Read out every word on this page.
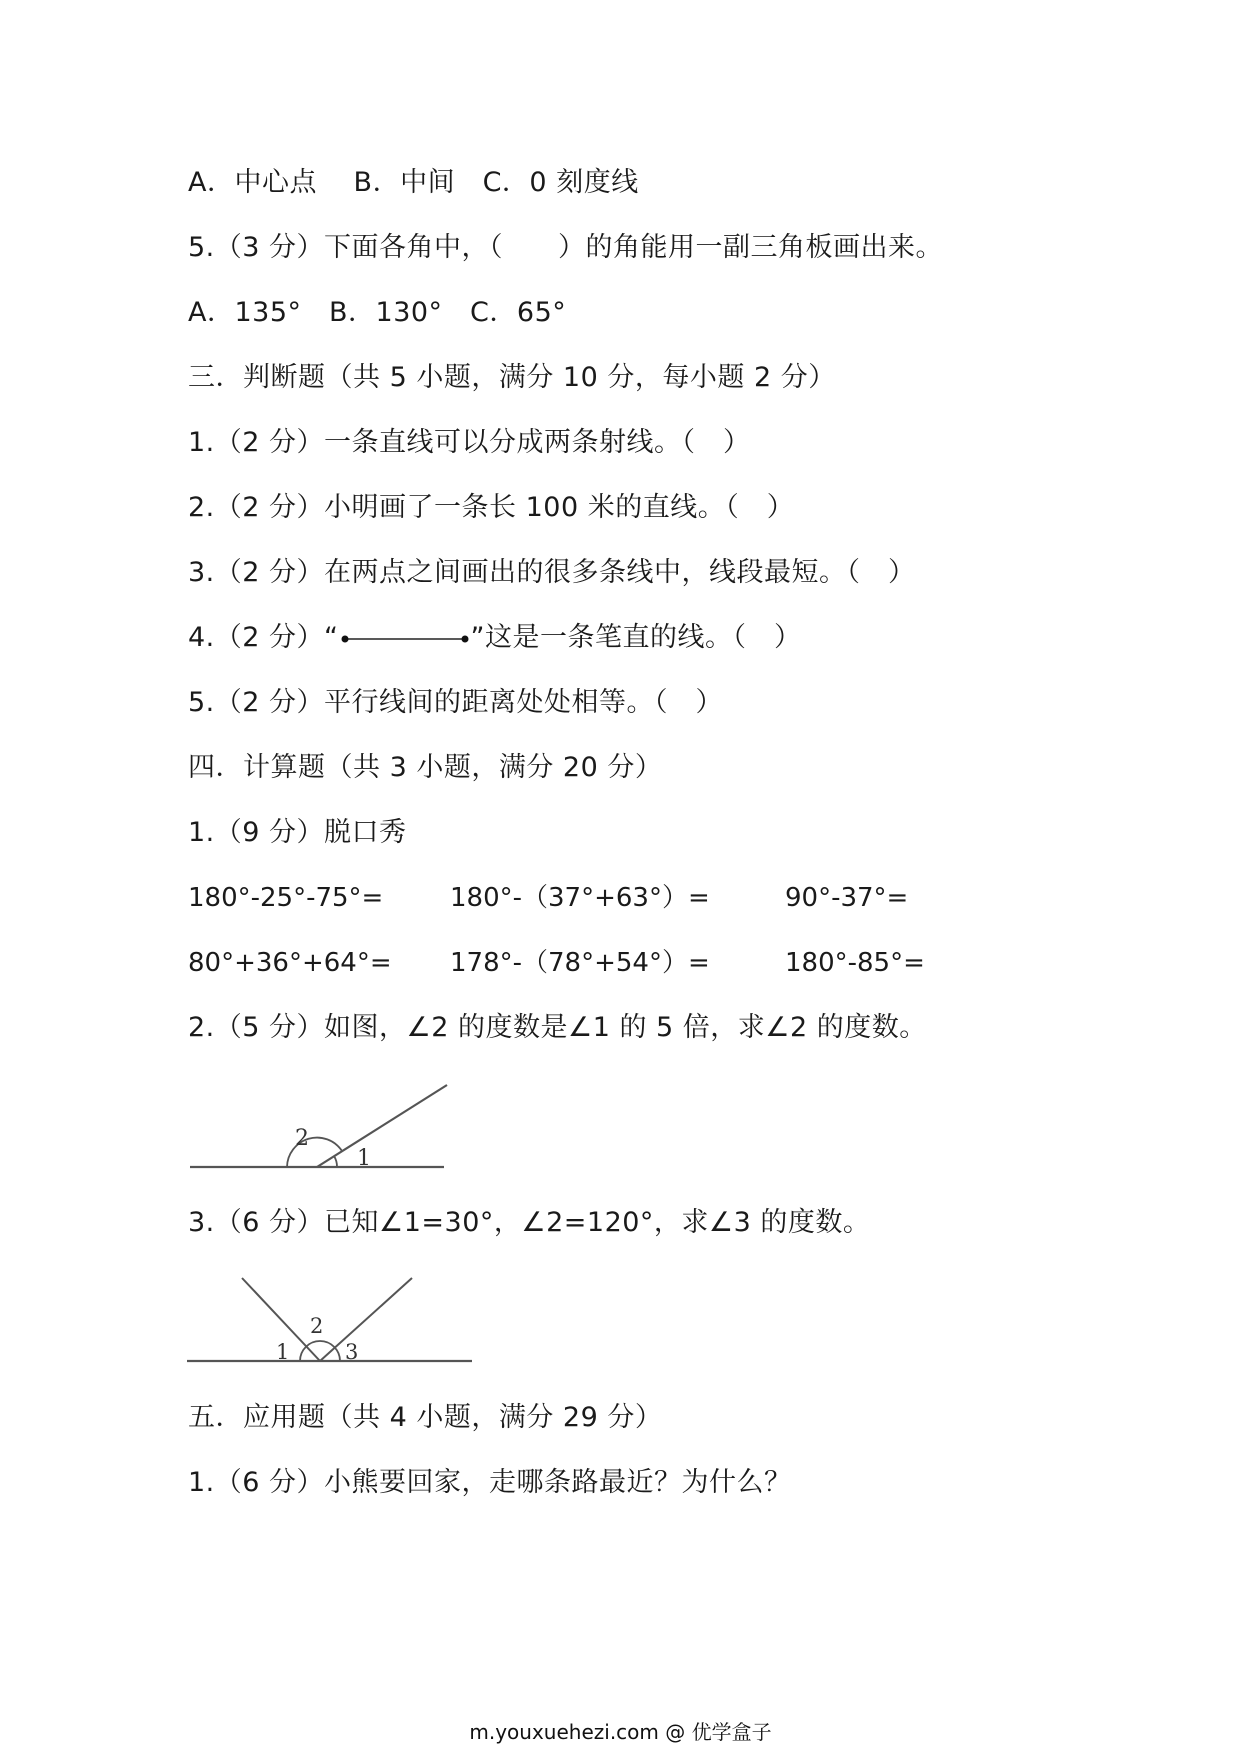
A．中心点　 B．中间　C．0 刻度线
5.（3 分）下面各角中，（　　）的角能用一副三角板画出来。
A．135°　B．130°　C．65°
三．判断题（共 5 小题，满分 10 分，每小题 2 分）
1.（2 分）一条直线可以分成两条射线。（　）
2.（2 分）小明画了一条长 100 米的直线。（　）
3.（2 分）在两点之间画出的很多条线中，线段最短。（　）
4.（2 分）“	”这是一条笔直的线。（　）
5.（2 分）平行线间的距离处处相等。（　）
四．计算题（共 3 小题，满分 20 分）
1.（9 分）脱口秀
180°-25°-75°=	180°-（37°+63°）=	90°-37°=
80°+36°+64°= 178°-（78°+54°）=	180°-85°=
2.（5 分）如图，∠2 的度数是∠1 的 5 倍，求∠2 的度数。
2
1
3.（6 分）已知∠1=30°，∠2=120°，求∠3 的度数。
1
2
3
五．应用题（共 4 小题，满分 29 分）
1.（6 分）小熊要回家，走哪条路最近？为什么？
m.youxuehezi.com @ 优学盒子
